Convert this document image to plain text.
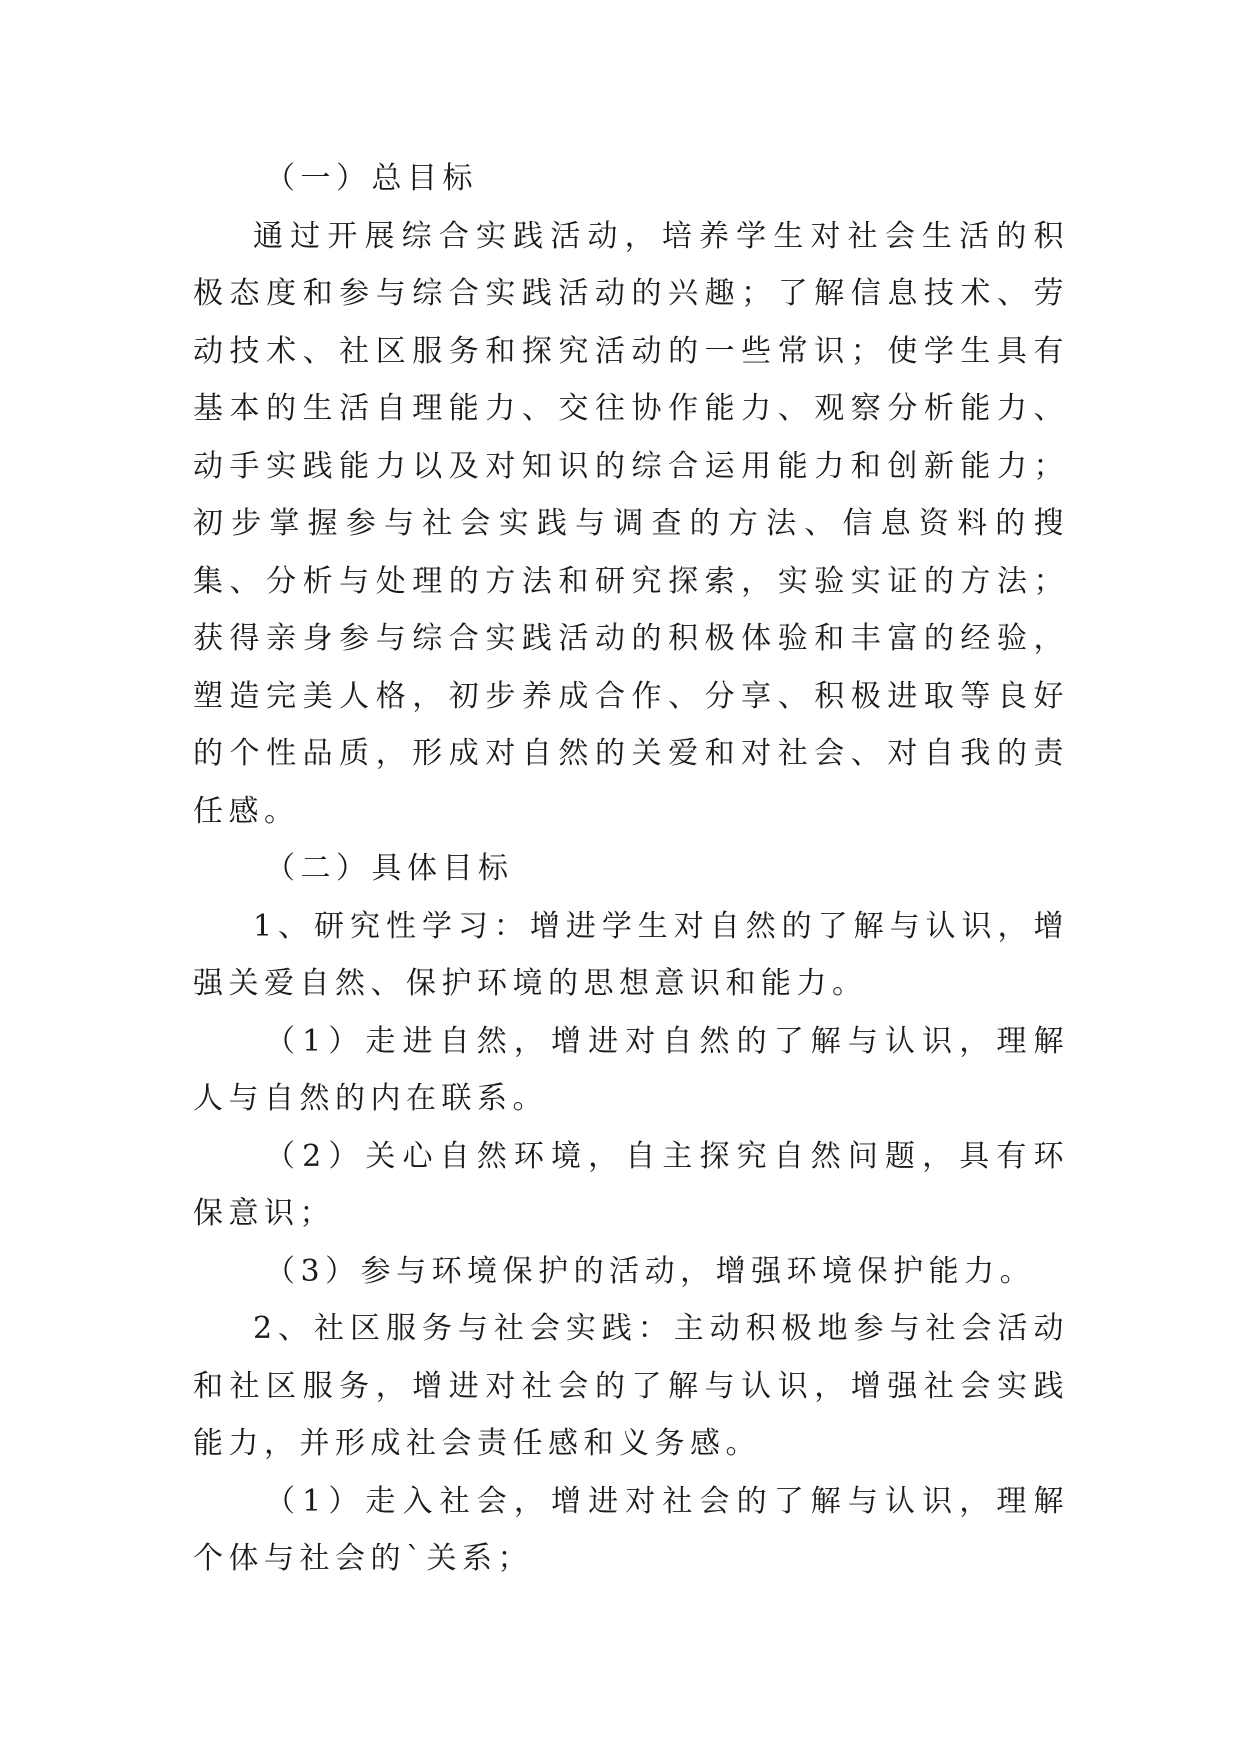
（一）总目标

通过开展综合实践活动，培养学生对社会生活的积极态度和参与综合实践活动的兴趣；了解信息技术、劳动技术、社区服务和探究活动的一些常识；使学生具有基本的生活自理能力、交往协作能力、观察分析能力、动手实践能力以及对知识的综合运用能力和创新能力；初步掌握参与社会实践与调查的方法、信息资料的搜集、分析与处理的方法和研究探索，实验实证的方法；获得亲身参与综合实践活动的积极体验和丰富的经验，塑造完美人格，初步养成合作、分享、积极进取等良好的个性品质，形成对自然的关爱和对社会、对自我的责任感。

（二）具体目标

1、研究性学习：增进学生对自然的了解与认识，增强关爱自然、保护环境的思想意识和能力。

（1）走进自然，增进对自然的了解与认识，理解人与自然的内在联系。

（2）关心自然环境，自主探究自然问题，具有环保意识；

（3）参与环境保护的活动，增强环境保护能力。

2、社区服务与社会实践：主动积极地参与社会活动和社区服务，增进对社会的了解与认识，增强社会实践能力，并形成社会责任感和义务感。

（1）走入社会，增进对社会的了解与认识，理解个体与社会的`关系；
